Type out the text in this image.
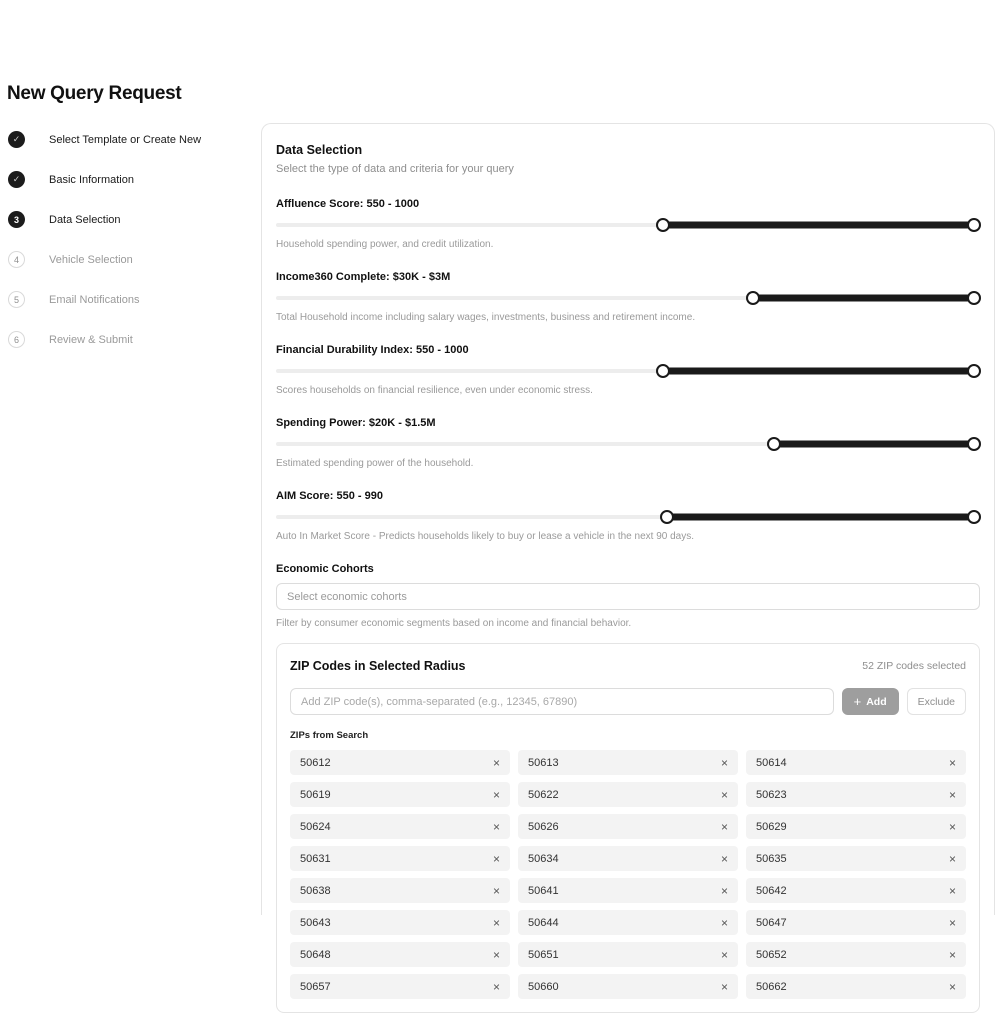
New Query Request
✓	Select Template or Create New
✓	Basic Information
3	Data Selection
4	Vehicle Selection
5	Email Notifications
6	Review & Submit
Data Selection
Select the type of data and criteria for your query
Affluence Score: 550 - 1000
Household spending power, and credit utilization.
Income360 Complete: $30K - $3M
Total Household income including salary wages, investments, business and retirement income.
Financial Durability Index: 550 - 1000
Scores households on financial resilience, even under economic stress.
Spending Power: $20K - $1.5M
Estimated spending power of the household.
AIM Score: 550 - 990
Auto In Market Score - Predicts households likely to buy or lease a vehicle in the next 90 days.
Economic Cohorts
Select economic cohorts
Filter by consumer economic segments based on income and financial behavior.
ZIP Codes in Selected Radius	52 ZIP codes selected
Add ZIP code(s), comma-separated (e.g., 12345, 67890)
+ Add	Exclude
ZIPs from Search
50612	×	50613	×	50614	×
50619	×	50622	×	50623	×
50624	×	50626	×	50629	×
50631	×	50634	×	50635	×
50638	×	50641	×	50642	×
50643	×	50644	×	50647	×
50648	×	50651	×	50652	×
50657	×	50660	×	50662	×
